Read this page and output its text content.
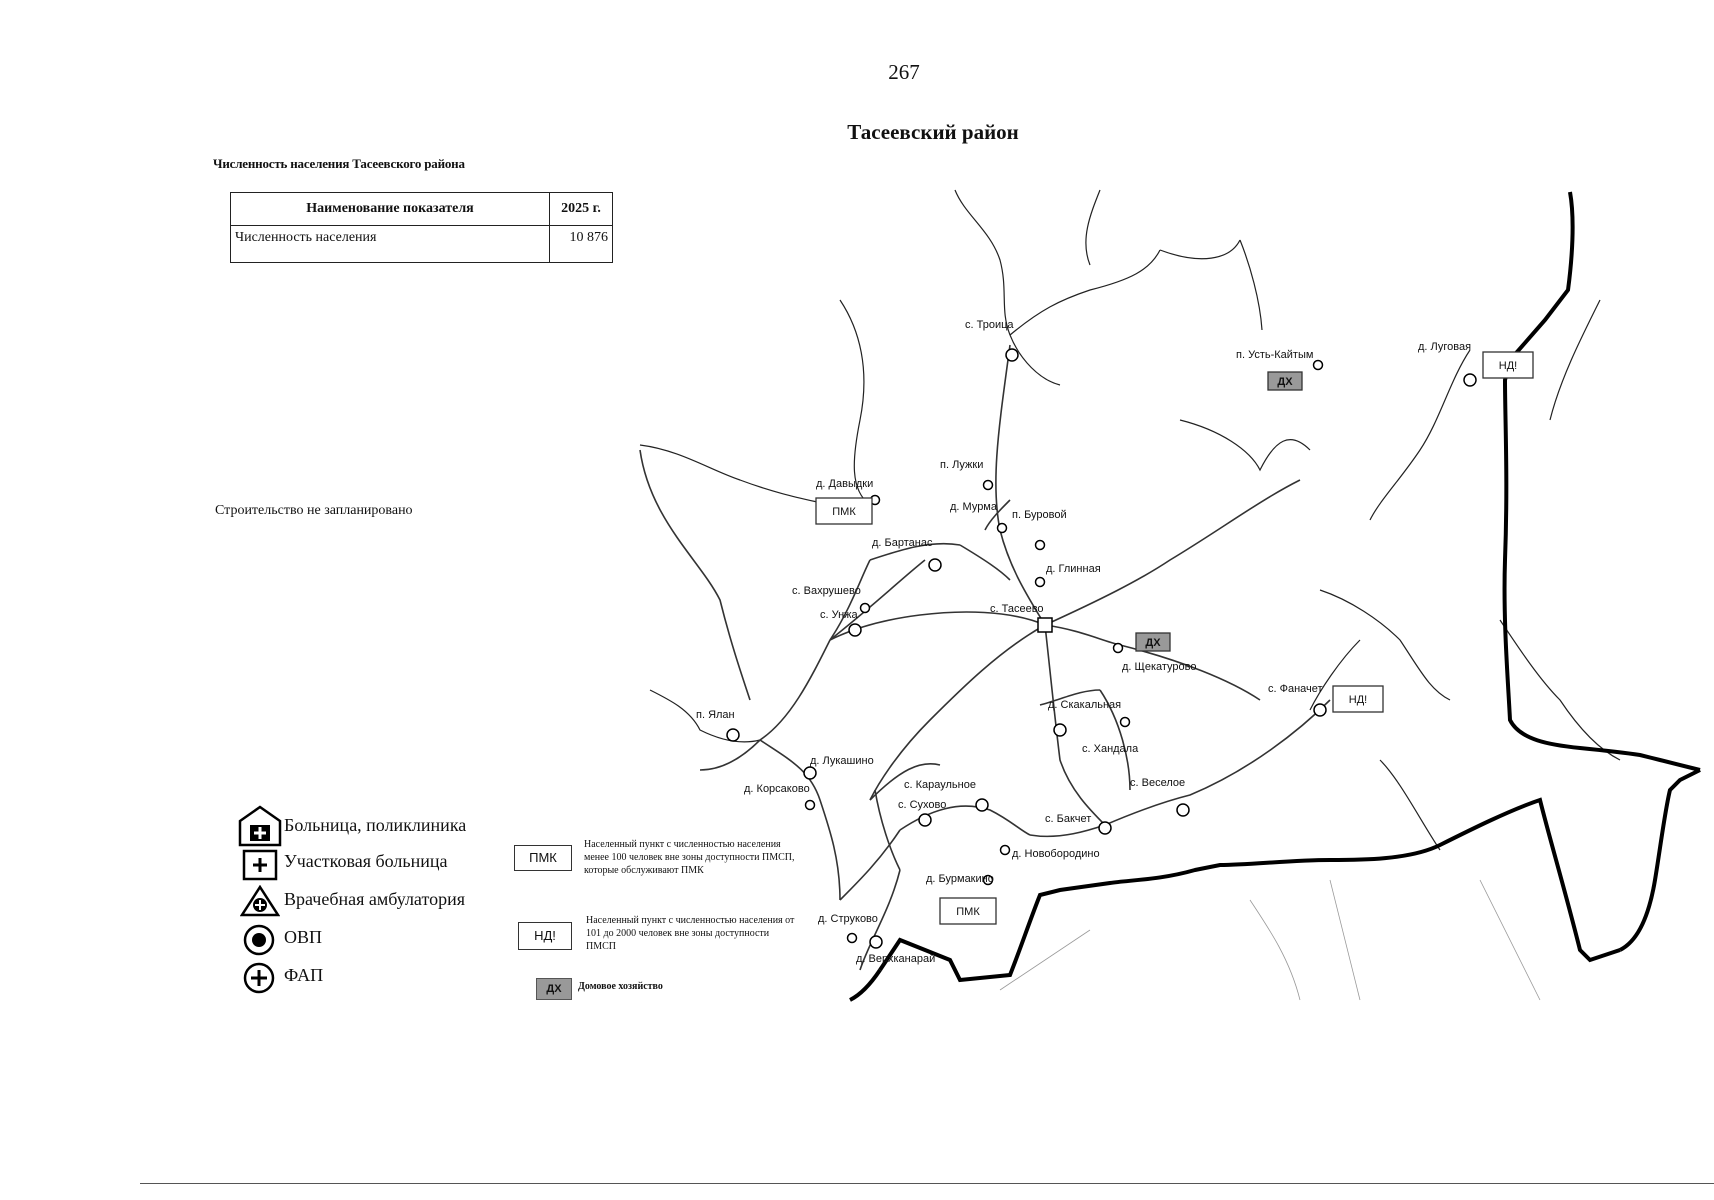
267
Тасеевский район
Численность населения Тасеевского района
Наименование показателя	2025 г.
Численность населения	10 876
Строительство не запланировано
с. Троица
п. Усть-Кайтым
д. Луговая
п. Лужки
д. Давыдки
д. Мурма
п. Буровой
д. Бартанас
д. Глинная
с. Вахрушево
с. Унжа	с. Тасеево
д. Щекатурово
с. Фаначет
д. Скакальная
п. Ялан
с. Хандала
д. Лукашино
с. Веселое
д. Корсаково	с. Караульное
с. Сухово
с. Бакчет
д. Новобородино
д. Бурмакино
д. Струково
д. Верхканарай
ПМК
ПМК
НД!
НД!
ДХ
ДХ
Больница, поликлиника
Участковая больница
Врачебная амбулатория
ОВП
ФАП
ПМК
Населенный пункт с численностью населения менее 100 человек вне зоны доступности ПМСП, которые обслуживают ПМК
НД!
Населенный пункт с численностью населения от 101 до 2000 человек вне зоны доступности ПМСП
ДХ	Домовое хозяйство
